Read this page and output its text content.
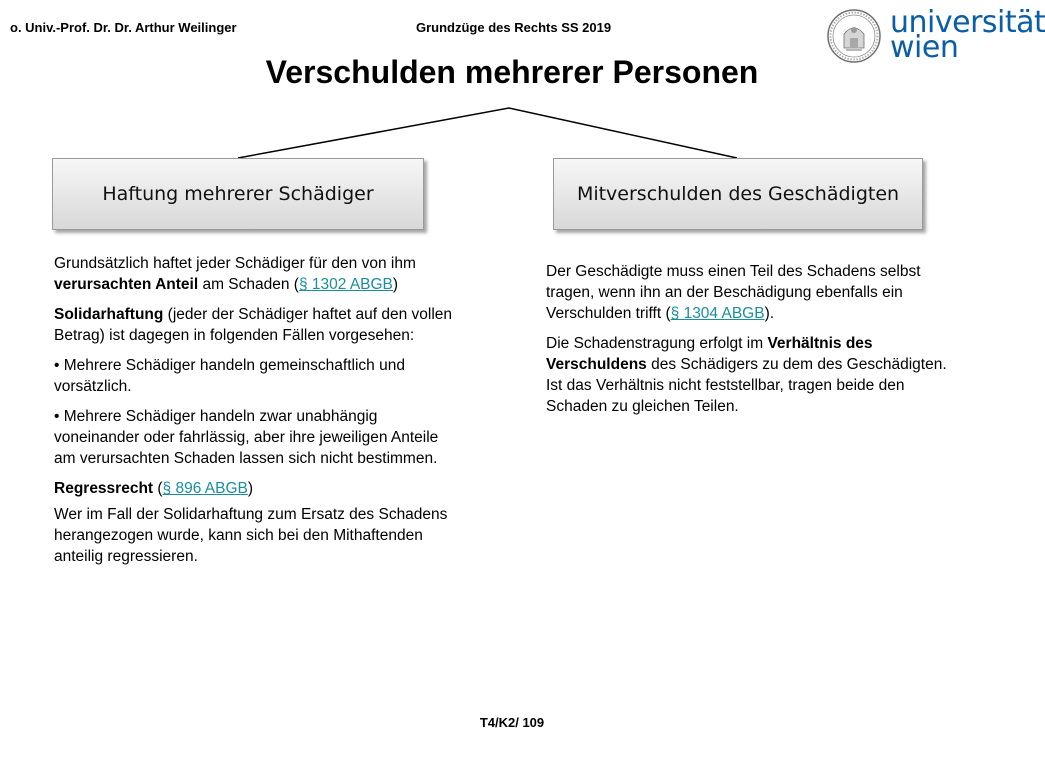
o. Univ.-Prof. Dr. Dr. Arthur Weilinger	Grundzüge des Rechts SS 2019	universität
wien
Verschulden mehrerer Personen
Haftung mehrerer Schädiger	Mitverschulden des Geschädigten

Grundsätzlich haftet jeder Schädiger für den von ihm verursachten Anteil am Schaden (§ 1302 ABGB)

Solidarhaftung (jeder der Schädiger haftet auf den vollen Betrag) ist dagegen in folgenden Fällen vorgesehen:

• Mehrere Schädiger handeln gemeinschaftlich und vorsätzlich.

• Mehrere Schädiger handeln zwar unabhängig voneinander oder fahrlässig, aber ihre jeweiligen Anteile am verursachten Schaden lassen sich nicht bestimmen.

Regressrecht (§ 896 ABGB)

Wer im Fall der Solidarhaftung zum Ersatz des Schadens herangezogen wurde, kann sich bei den Mithaftenden anteilig regressieren.

Der Geschädigte muss einen Teil des Schadens selbst tragen, wenn ihn an der Beschädigung ebenfalls ein Verschulden trifft (§ 1304 ABGB).

Die Schadenstragung erfolgt im Verhältnis des Verschuldens des Schädigers zu dem des Geschädigten. Ist das Verhältnis nicht feststellbar, tragen beide den Schaden zu gleichen Teilen.

T4/K2/ 109
